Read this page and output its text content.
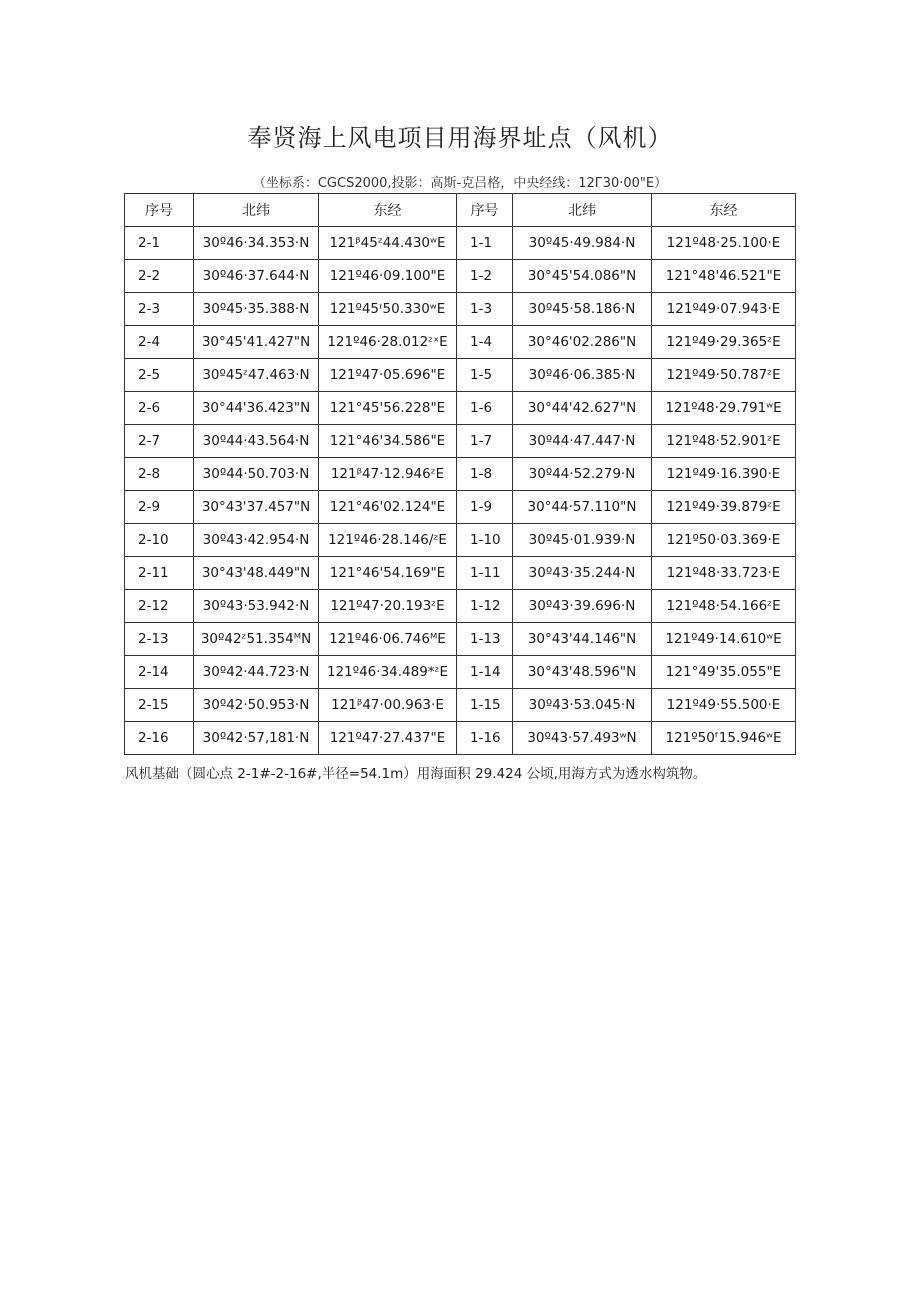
奉贤海上风电项目用海界址点（风机）
（坐标系：CGCS2000,投影：高斯-克吕格，中央经线：12Г30·00"E）
序号	北纬	东经	序号	北纬	东经
2-1	30º46·34.353·N	121ᵝ45ᶻ44.430ʷE	1-1	30º45·49.984·N	121º48·25.100·E
2-2	30º46·37.644·N	121º46·09.100"E	1-2	30°45'54.086"N	121°48'46.521"E
2-3	30º45·35.388·N	121º45ᶦ50.330ʷE	1-3	30º45·58.186·N	121º49·07.943·E
2-4	30°45'41.427"N	121º46·28.012ᶻˣE	1-4	30°46'02.286"N	121º49·29.365ᶻE
2-5	30º45ᶻ47.463·N	121º47·05.696"E	1-5	30º46·06.385·N	121º49·50.787ᶻE
2-6	30°44'36.423"N	121°45'56.228"E	1-6	30°44'42.627"N	121º48·29.791ʷE
2-7	30º44·43.564·N	121°46'34.586"E	1-7	30º44·47.447·N	121º48·52.901ᶻE
2-8	30º44·50.703·N	121ᵝ47·12.946ᶻE	1-8	30º44·52.279·N	121º49·16.390·E
2-9	30°43'37.457"N	121°46'02.124"E	1-9	30°44·57.110"N	121º49·39.879ᶻE
2-10	30º43·42.954·N	121º46·28.146/ᶻE	1-10	30º45·01.939·N	121º50·03.369·E
2-11	30°43'48.449"N	121°46'54.169"E	1-11	30º43·35.244·N	121º48·33.723·E
2-12	30º43·53.942·N	121º47·20.193ᶻE	1-12	30º43·39.696·N	121º48·54.166ᶻE
2-13	30º42ᶻ51.354ᴹN	121º46·06.746ᴹE	1-13	30°43'44.146"N	121º49·14.610ʷE
2-14	30º42·44.723·N	121º46·34.489*ᶻE	1-14	30°43'48.596"N	121°49'35.055"E
2-15	30º42·50.953·N	121ᵝ47·00.963·E	1-15	30º43·53.045·N	121º49·55.500·E
2-16	30º42·57,181·N	121º47·27.437"E	1-16	30º43·57.493ʷN	121º50ᶠ15.946ʷE
风机基础（圆心点 2-1#-2-16#,半径=54.1m）用海面积 29.424 公顷,用海方式为透水构筑物。
